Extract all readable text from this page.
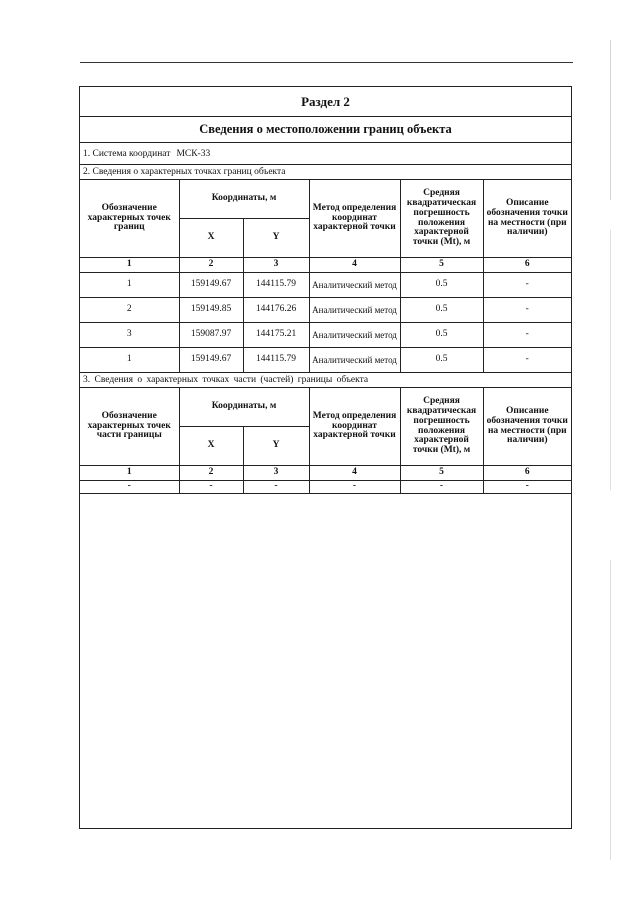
Раздел 2
Сведения о местоположении границ объекта
1. Система координат МСК-33
2. Сведения о характерных точках границ объекта
Обозначение характерных точек границ	Координаты, м		Метод определения координат характерной точки	Средняя квадратическая погрешность положения характерной точки (Mt), м	Описание обозначения точки на местности (при наличии)
	X	Y			
1	2	3	4	5	6
1	159149.67	144115.79	Аналитический метод	0.5	-
2	159149.85	144176.26	Аналитический метод	0.5	-
3	159087.97	144175.21	Аналитический метод	0.5	-
1	159149.67	144115.79	Аналитический метод	0.5	-
3. Сведения о характерных точках части (частей) границы объекта
Обозначение характерных точек части границы	Координаты, м		Метод определения координат характерной точки	Средняя квадратическая погрешность положения характерной точки (Mt), м	Описание обозначения точки на местности (при наличии)
	X	Y			
1	2	3	4	5	6
-	-	-	-	-	-
